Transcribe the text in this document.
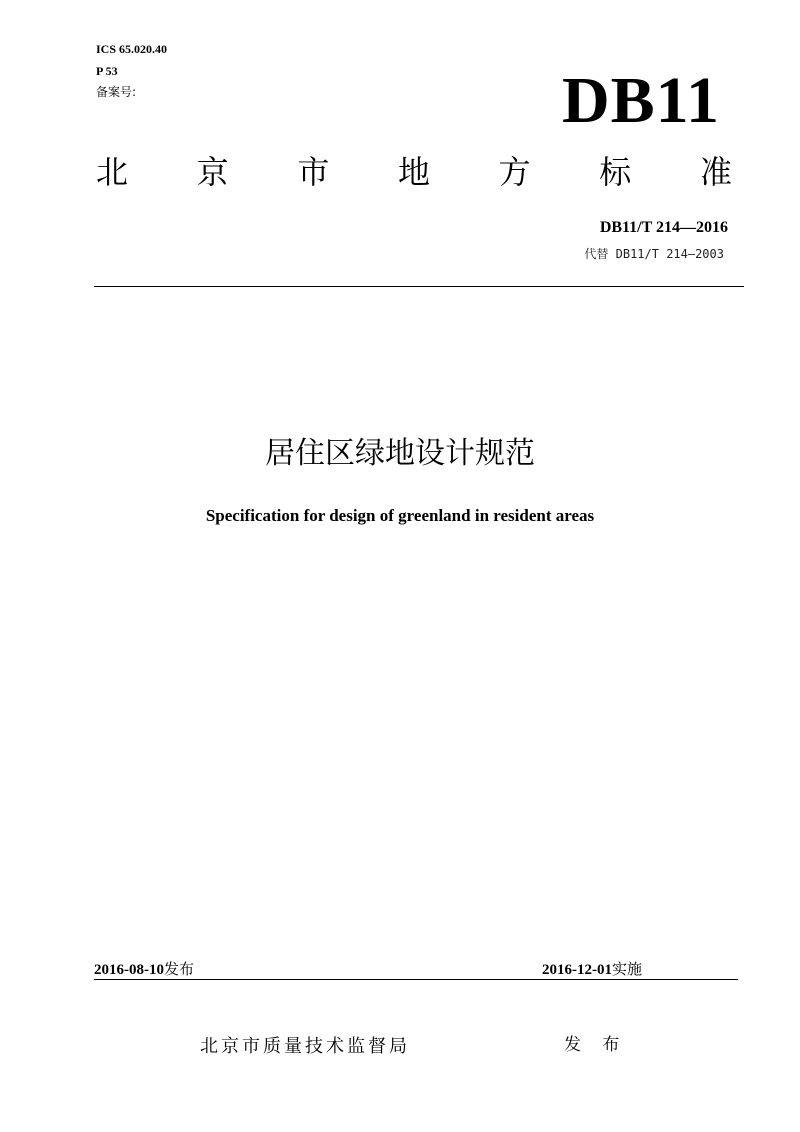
ICS 65.020.40
P 53
备案号:	DB11
北 京 市 地 方 标 准
DB11/T 214—2016
代替 DB11/T 214—2003
居住区绿地设计规范
Specification for design of greenland in resident areas
2016-08-10发布	2016-12-01实施
北京市质量技术监督局	发 布
